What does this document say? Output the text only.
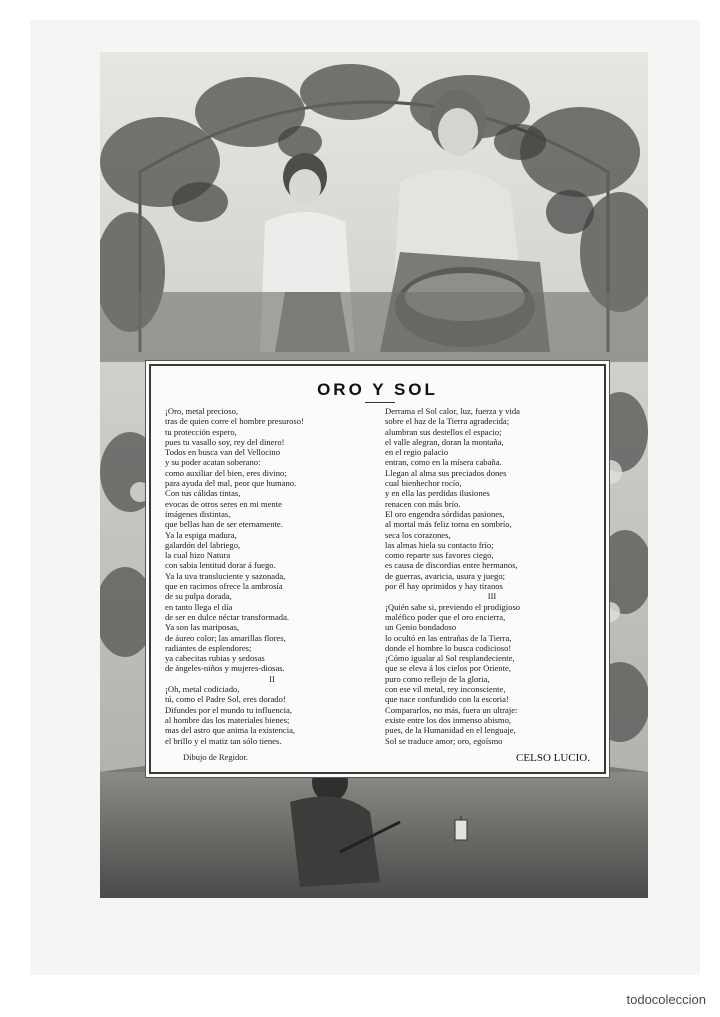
ORO Y SOL
¡Oro, metal precioso,
tras de quien corre el hombre presuroso!
tu protección espero,
pues tu vasallo soy, rey del dinero!
Todos en busca van del Vellocino
y su poder acatan soberano:
como auxiliar del bien, eres divino;
para ayuda del mal, peor que humano.
Con tus cálidas tintas,
evocas de otros seres en mi mente
imágenes distintas,
que bellas han de ser eternamente.
Ya la espiga madura,
galardón del labriego,
la cual hizo Natura
con sabia lentitud dorar á fuego.
Ya la uva transluciente y sazonada,
que en racimos ofrece la ambrosía
de su pulpa dorada,
en tanto llega el día
de ser en dulce néctar transformada.
Ya son las mariposas,
de áureo color; las amarillas flores,
radiantes de esplendores;
ya cabecitas rubias y sedosas
de ángeles-niños y mujeres-diosas.
II
¡Oh, metal codiciado,
tú, como el Padre Sol, eres dorado!
Difundes por el mundo tu influencia,
al hombre das los materiales bienes;
mas del astro que anima la existencia,
el brillo y el matiz tan sólo tienes.
Derrama el Sol calor, luz, fuerza y vida
sobre el haz de la Tierra agradecida;
alumbran sus destellos el espacio;
el valle alegran, doran la montaña,
en el regio palacio
entran, como en la mísera cabaña.
Llegan al alma sus preciados dones
cual bienhechor rocío,
y en ella las perdidas ilusiones
renacen con más brío.
El oro engendra sórdidas pasiones,
al mortal más feliz torna en sombrío,
seca los corazones,
las almas hiela su contacto frío;
como reparte sus favores ciego,
es causa de discordias entre hermanos,
de guerras, avaricia, usura y juego;
por él hay oprimidos y hay tiranos
III
¡Quién sabe si, previendo el prodigioso
maléfico poder que el oro encierra,
un Genio bondadoso
lo ocultó en las entrañas de la Tierra,
donde el hombre lo busca codicioso!
¡Cómo igualar al Sol resplandeciente,
que se eleva á los cielos por Oriente,
puro como reflejo de la gloria,
con ese vil metal, rey inconsciente,
que nace confundido con la escoria!
Compararlos, no más, fuera un ultraje:
existe entre los dos inmenso abismo,
pues, de la Humanidad en el lenguaje,
Sol se traduce amor; oro, egoísmo
Dibujo de Regidor.	CELSO LUCIO.
todocoleccion
